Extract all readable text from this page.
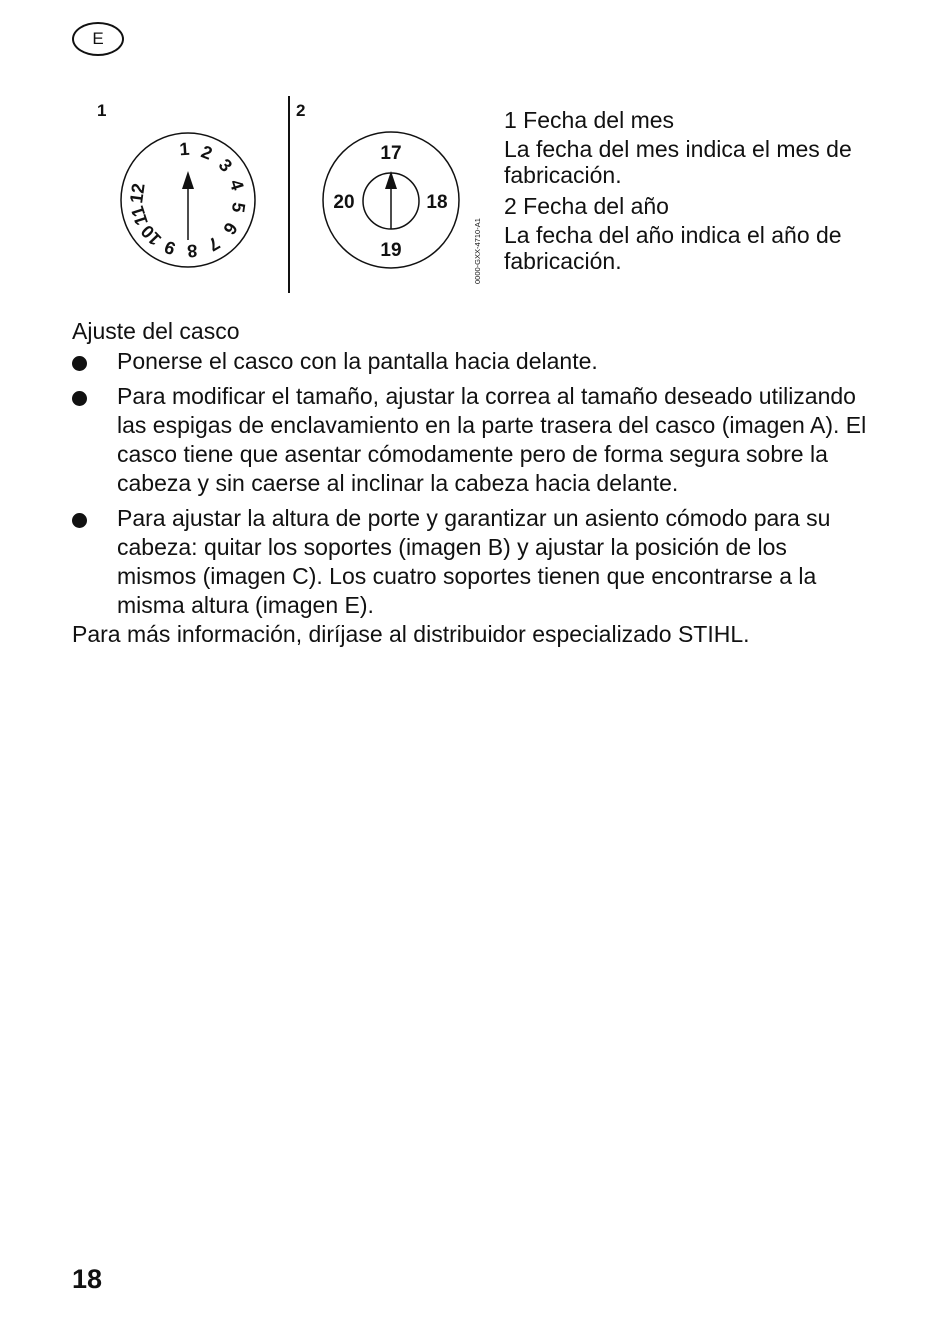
E
1	2
1 2
3
4
5
6
7
8
9
10
11
12
17
18
19
20
0000-GXX-4710-A1
1 Fecha del mes

La fecha del mes indica el mes de fabricación.

2 Fecha del año

La fecha del año indica el año de fabricación.

Ajuste del casco
Ponerse el casco con la pantalla hacia delante.
Para modificar el tamaño, ajustar la correa al tamaño deseado utilizando las espigas de enclavamiento en la parte trasera del casco (imagen A). El casco tiene que asentar cómodamente pero de forma segura sobre la cabeza y sin caerse al inclinar la cabeza hacia delante.
Para ajustar la altura de porte y garantizar un asiento cómodo para su cabeza: quitar los soportes (imagen B) y ajustar la posición de los mismos (imagen C). Los cuatro soportes tienen que encontrarse a la misma altura (imagen E).

Para más información, diríjase al distribuidor especializado STIHL.

18
